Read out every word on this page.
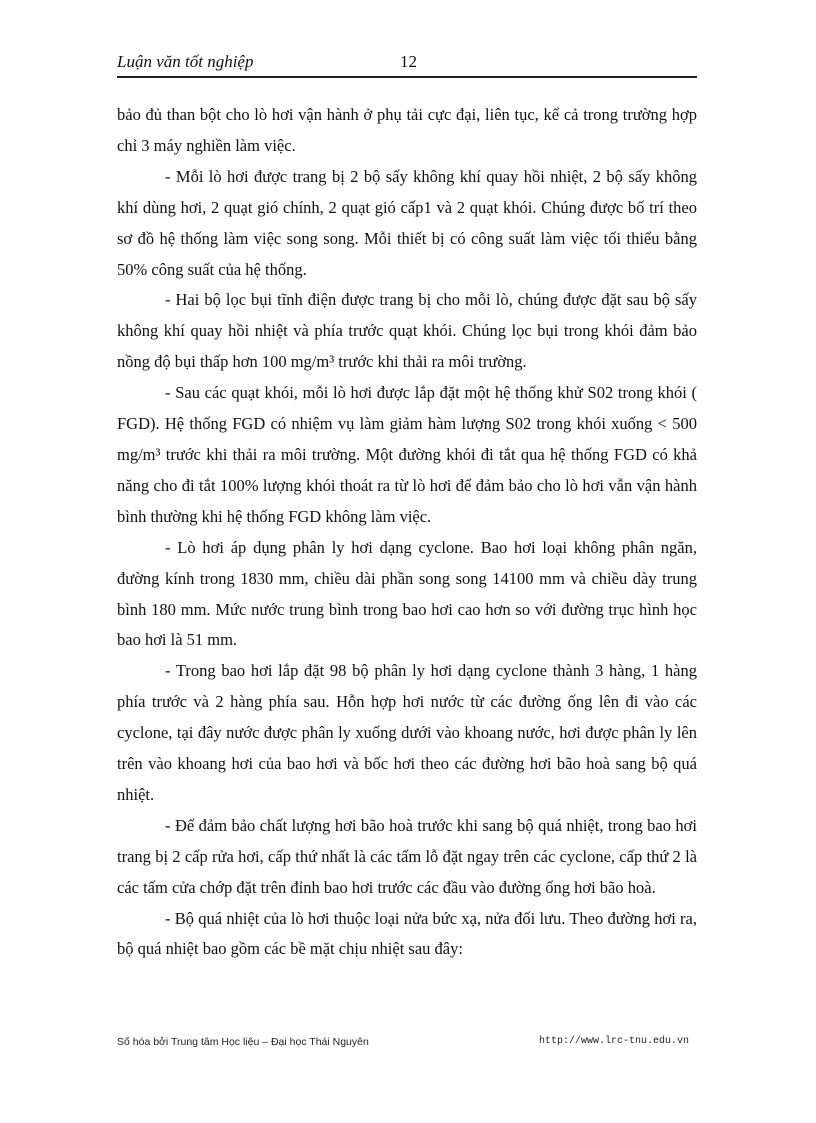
Luận văn tốt nghiệp	12

bảo đủ than bột cho lò hơi vận hành ở phụ tải cực đại, liên tục, kể cả trong trường hợp chỉ 3 máy nghiền làm việc.

- Mỗi lò hơi được trang bị 2 bộ sấy không khí quay hồi nhiệt, 2 bộ sấy không khí dùng hơi, 2 quạt gió chính, 2 quạt gió cấp1 và 2 quạt khói. Chúng được bố trí theo sơ đồ hệ thống làm việc song song. Mỗi thiết bị có công suất làm việc tối thiểu bằng 50% công suất của hệ thống.

- Hai bộ lọc bụi tĩnh điện được trang bị cho mỗi lò, chúng được đặt sau bộ sấy không khí quay hồi nhiệt và phía trước quạt khói. Chúng lọc bụi trong khói đảm bảo nồng độ bụi thấp hơn 100 mg/m³ trước khi thải ra môi trường.

- Sau các quạt khói, mỗi lò hơi được lắp đặt một hệ thống khử S02 trong khói ( FGD). Hệ thống FGD có nhiệm vụ làm giảm hàm lượng S02 trong khói xuống < 500 mg/m³ trước khi thải ra môi trường. Một đường khói đi tắt qua hệ thống FGD có khả năng cho đi tắt 100% lượng khói thoát ra từ lò hơi để đảm bảo cho lò hơi vẫn vận hành bình thường khi hệ thống FGD không làm việc.

- Lò hơi áp dụng phân ly hơi dạng cyclone. Bao hơi loại không phân ngăn, đường kính trong 1830 mm, chiều dài phần song song 14100 mm và chiều dày trung bình 180 mm. Mức nước trung bình trong bao hơi cao hơn so với đường trục hình học bao hơi là 51 mm.

- Trong bao hơi lắp đặt 98 bộ phân ly hơi dạng cyclone thành 3 hàng, 1 hàng phía trước và 2 hàng phía sau. Hỗn hợp hơi nước từ các đường ống lên đi vào các cyclone, tại đây nước được phân ly xuống dưới vào khoang nước, hơi được phân ly lên trên vào khoang hơi của bao hơi và bốc hơi theo các đường hơi bão hoà sang bộ quá nhiệt.

- Để đảm bảo chất lượng hơi bão hoà trước khi sang bộ quá nhiệt, trong bao hơi trang bị 2 cấp rửa hơi, cấp thứ nhất là các tấm lỗ đặt ngay trên các cyclone, cấp thứ 2 là các tấm cửa chớp đặt trên đỉnh bao hơi trước các đầu vào đường ống hơi bão hoà.

- Bộ quá nhiệt của lò hơi thuộc loại nửa bức xạ, nửa đối lưu. Theo đường hơi ra, bộ quá nhiệt bao gồm các bề mặt chịu nhiệt sau đây:

Số hóa bởi Trung tâm Học liệu – Đại học Thái Nguyên	http://www.lrc-tnu.edu.vn
